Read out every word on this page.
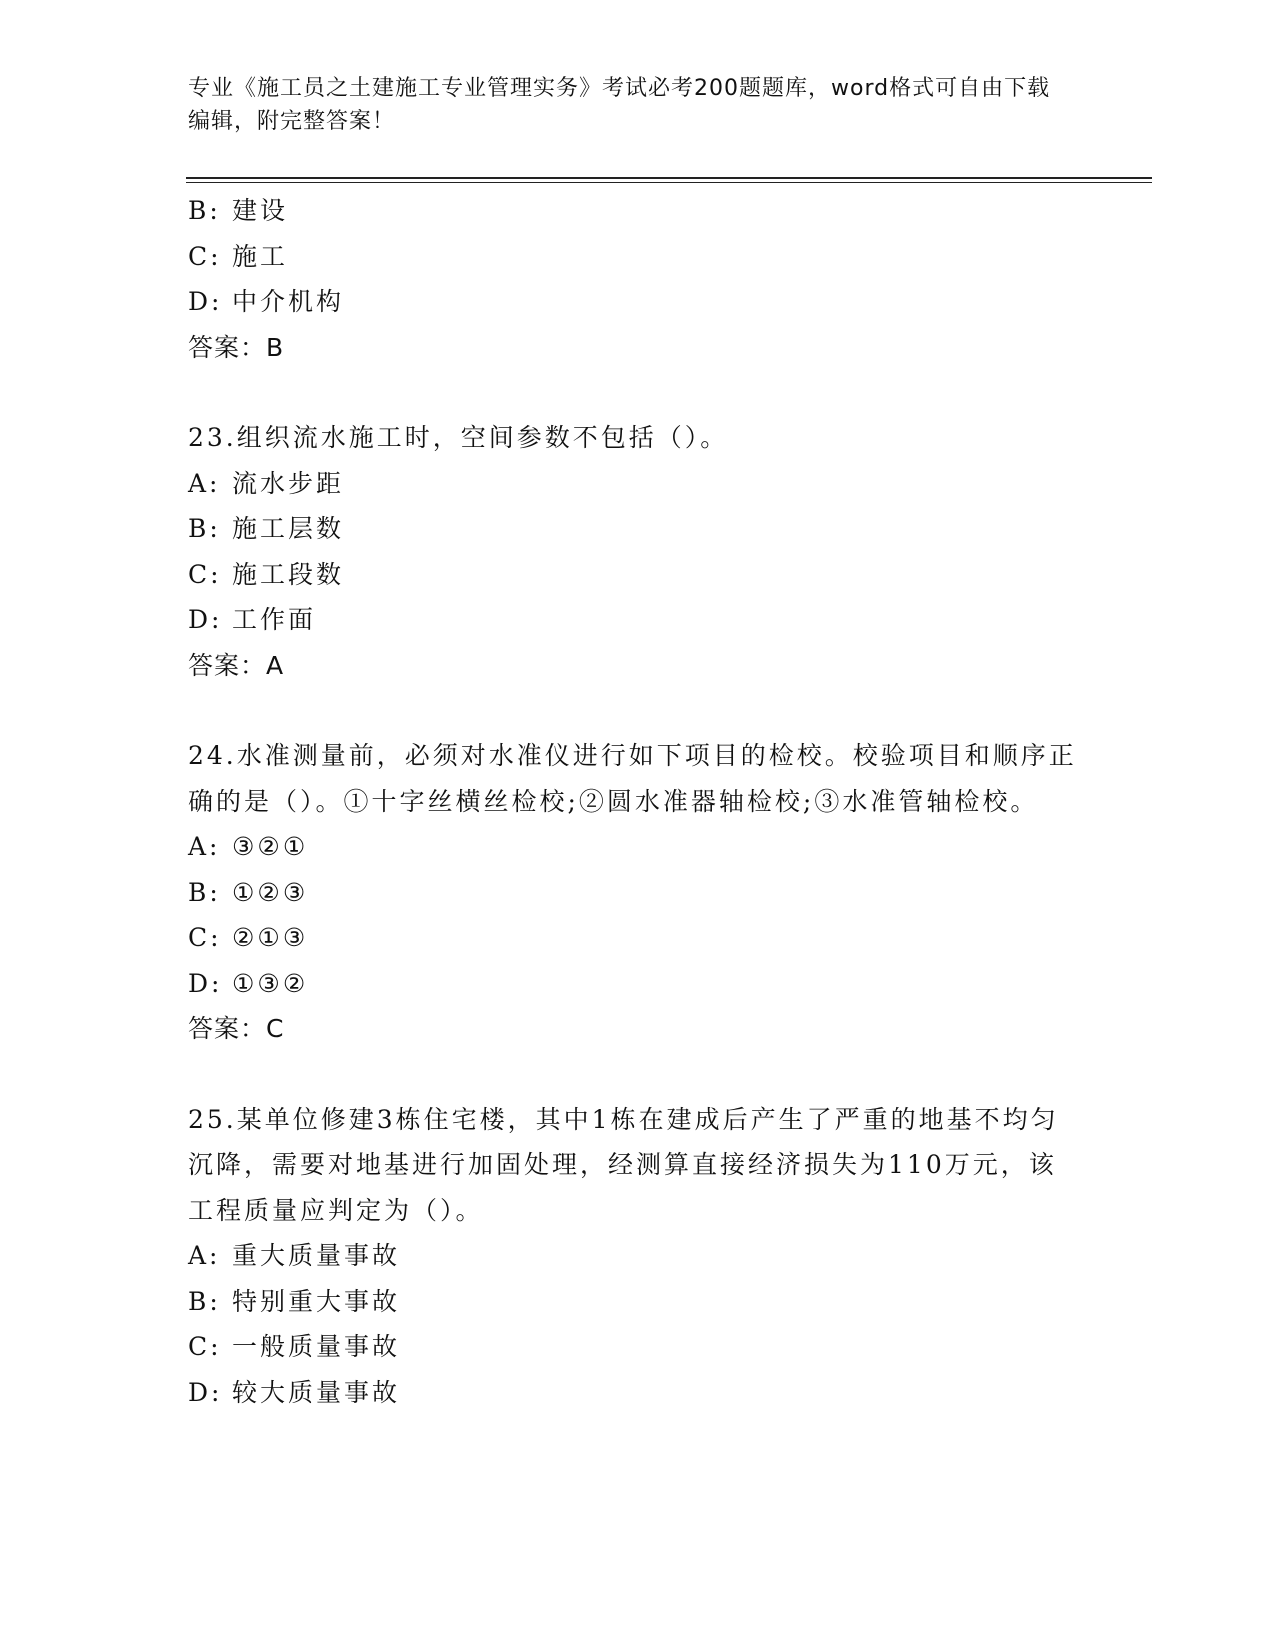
专业《施工员之土建施工专业管理实务》考试必考200题题库，word格式可自由下载编辑，附完整答案！
B: 建设
C: 施工
D: 中介机构
答案：B
23.组织流水施工时，空间参数不包括（）。
A: 流水步距
B: 施工层数
C: 施工段数
D: 工作面
答案：A
24.水准测量前，必须对水准仪进行如下项目的检校。校验项目和顺序正确的是（）。①十字丝横丝检校;②圆水准器轴检校;③水准管轴检校。
A: ③②①
B: ①②③
C: ②①③
D: ①③②
答案：C
25.某单位修建3栋住宅楼，其中1栋在建成后产生了严重的地基不均匀沉降，需要对地基进行加固处理，经测算直接经济损失为110万元，该工程质量应判定为（）。
A: 重大质量事故
B: 特别重大事故
C: 一般质量事故
D: 较大质量事故
